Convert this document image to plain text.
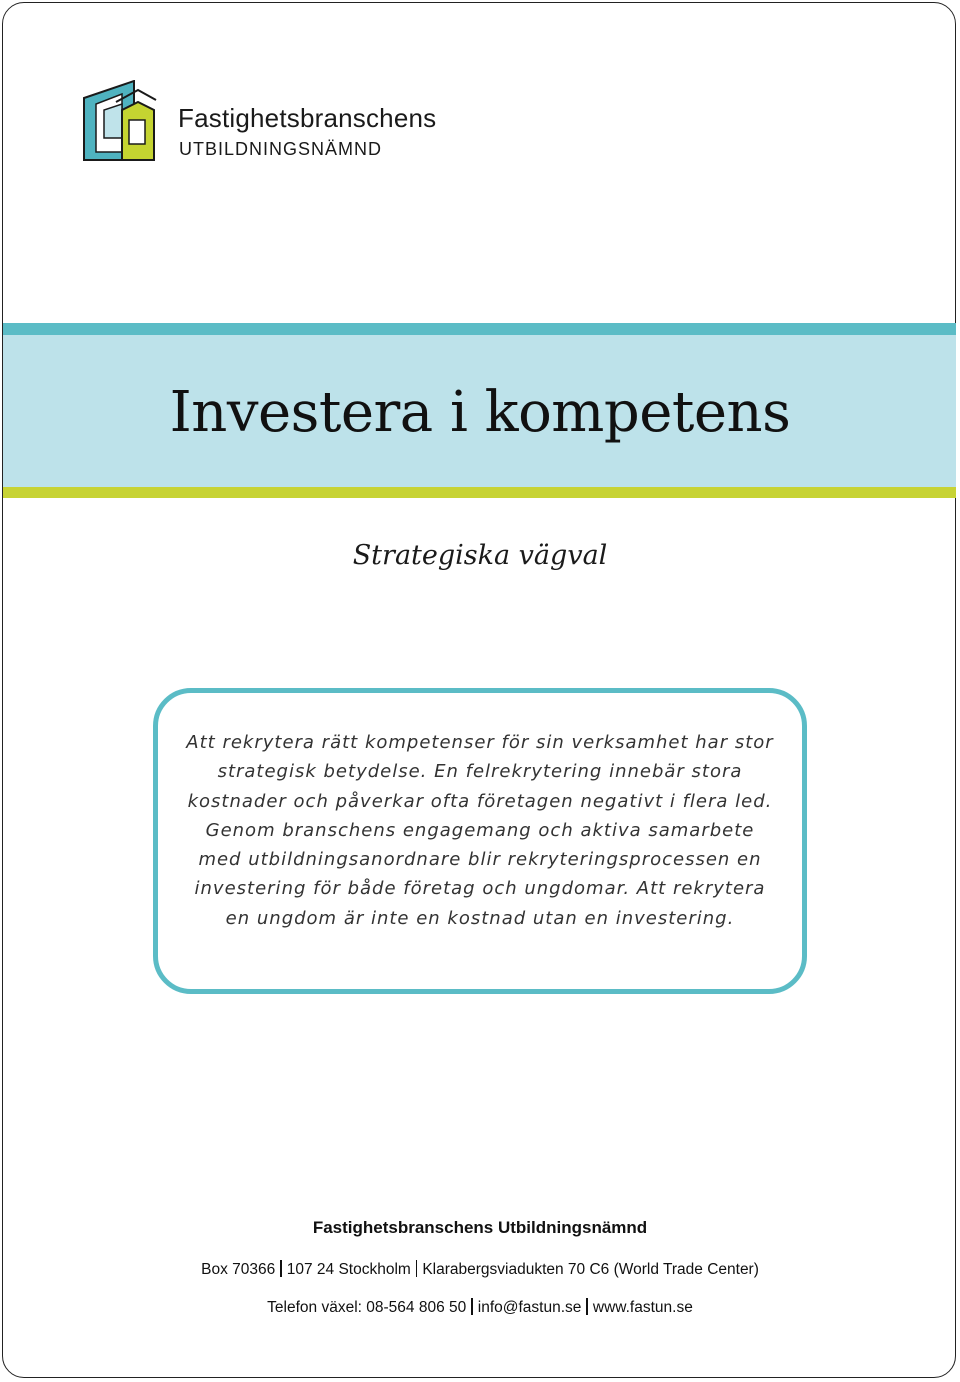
Fastighetsbranschens
UTBILDNINGSNÄMND
Investera i kompetens
Strategiska vägval
Att rekrytera rätt kompetenser för sin verksamhet har stor strategisk betydelse. En felrekrytering innebär stora kostnader och påverkar ofta företagen negativt i flera led. Genom branschens engagemang och aktiva samarbete med utbildningsanordnare blir rekryteringsprocessen en investering för både företag och ungdomar. Att rekrytera en ungdom är inte en kostnad utan en investering.
Fastighetsbranschens Utbildningsnämnd
Box 70366 107 24 Stockholm Klarabergsviadukten 70 C6 (World Trade Center)
Telefon växel: 08-564 806 50 info@fastun.se www.fastun.se
